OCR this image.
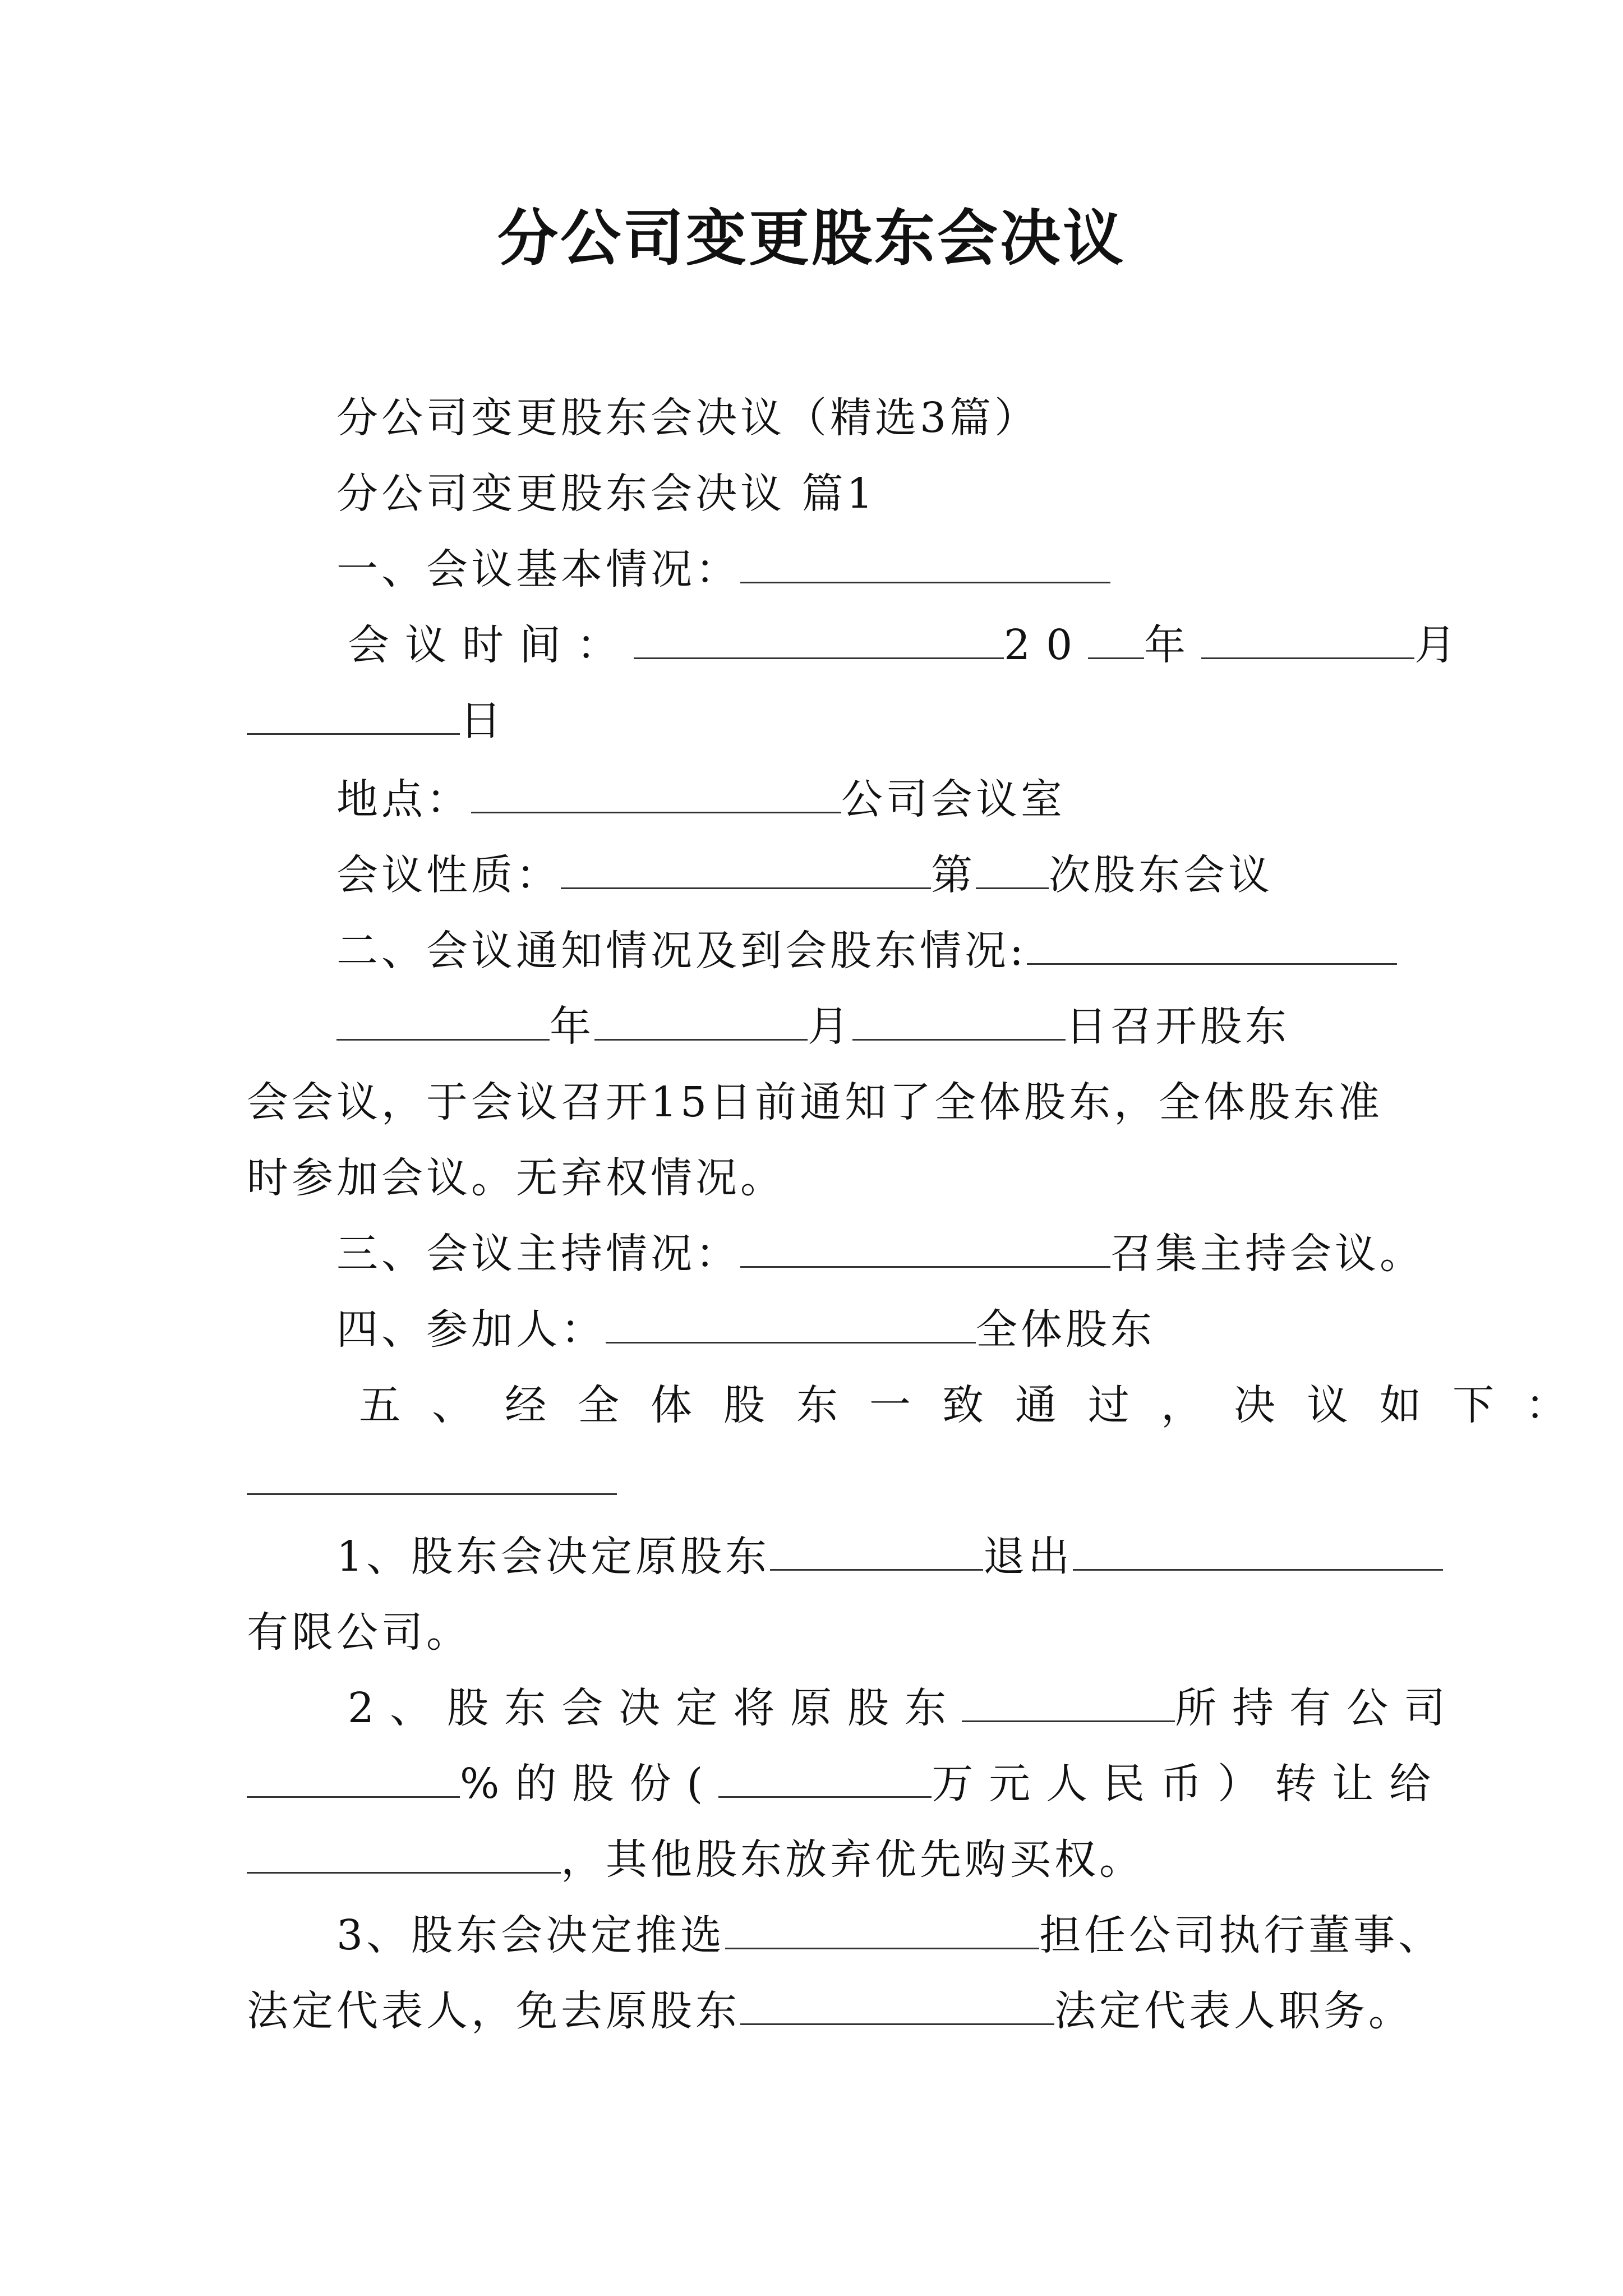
分公司变更股东会决议
分公司变更股东会决议（精选3篇）
分公司变更股东会决议 篇1
一、会议基本情况：
会议时间：	20 年	月
日
地点：	公司会议室
会议性质：	第 次股东会议
二、会议通知情况及到会股东情况:
年	月	日召开股东
会会议，于会议召开15日前通知了全体股东，全体股东准
时参加会议。无弃权情况。
三、会议主持情况：	召集主持会议。
四、参加人：	全体股东
五、经全体股东一致通过，决议如下：
1、股东会决定原股东	退出
有限公司。
2、股东会决定将原股东	所持有公司
%的股份(	万元人民币）转让给
，其他股东放弃优先购买权。
3、股东会决定推选	担任公司执行董事、
法定代表人，免去原股东	法定代表人职务。
